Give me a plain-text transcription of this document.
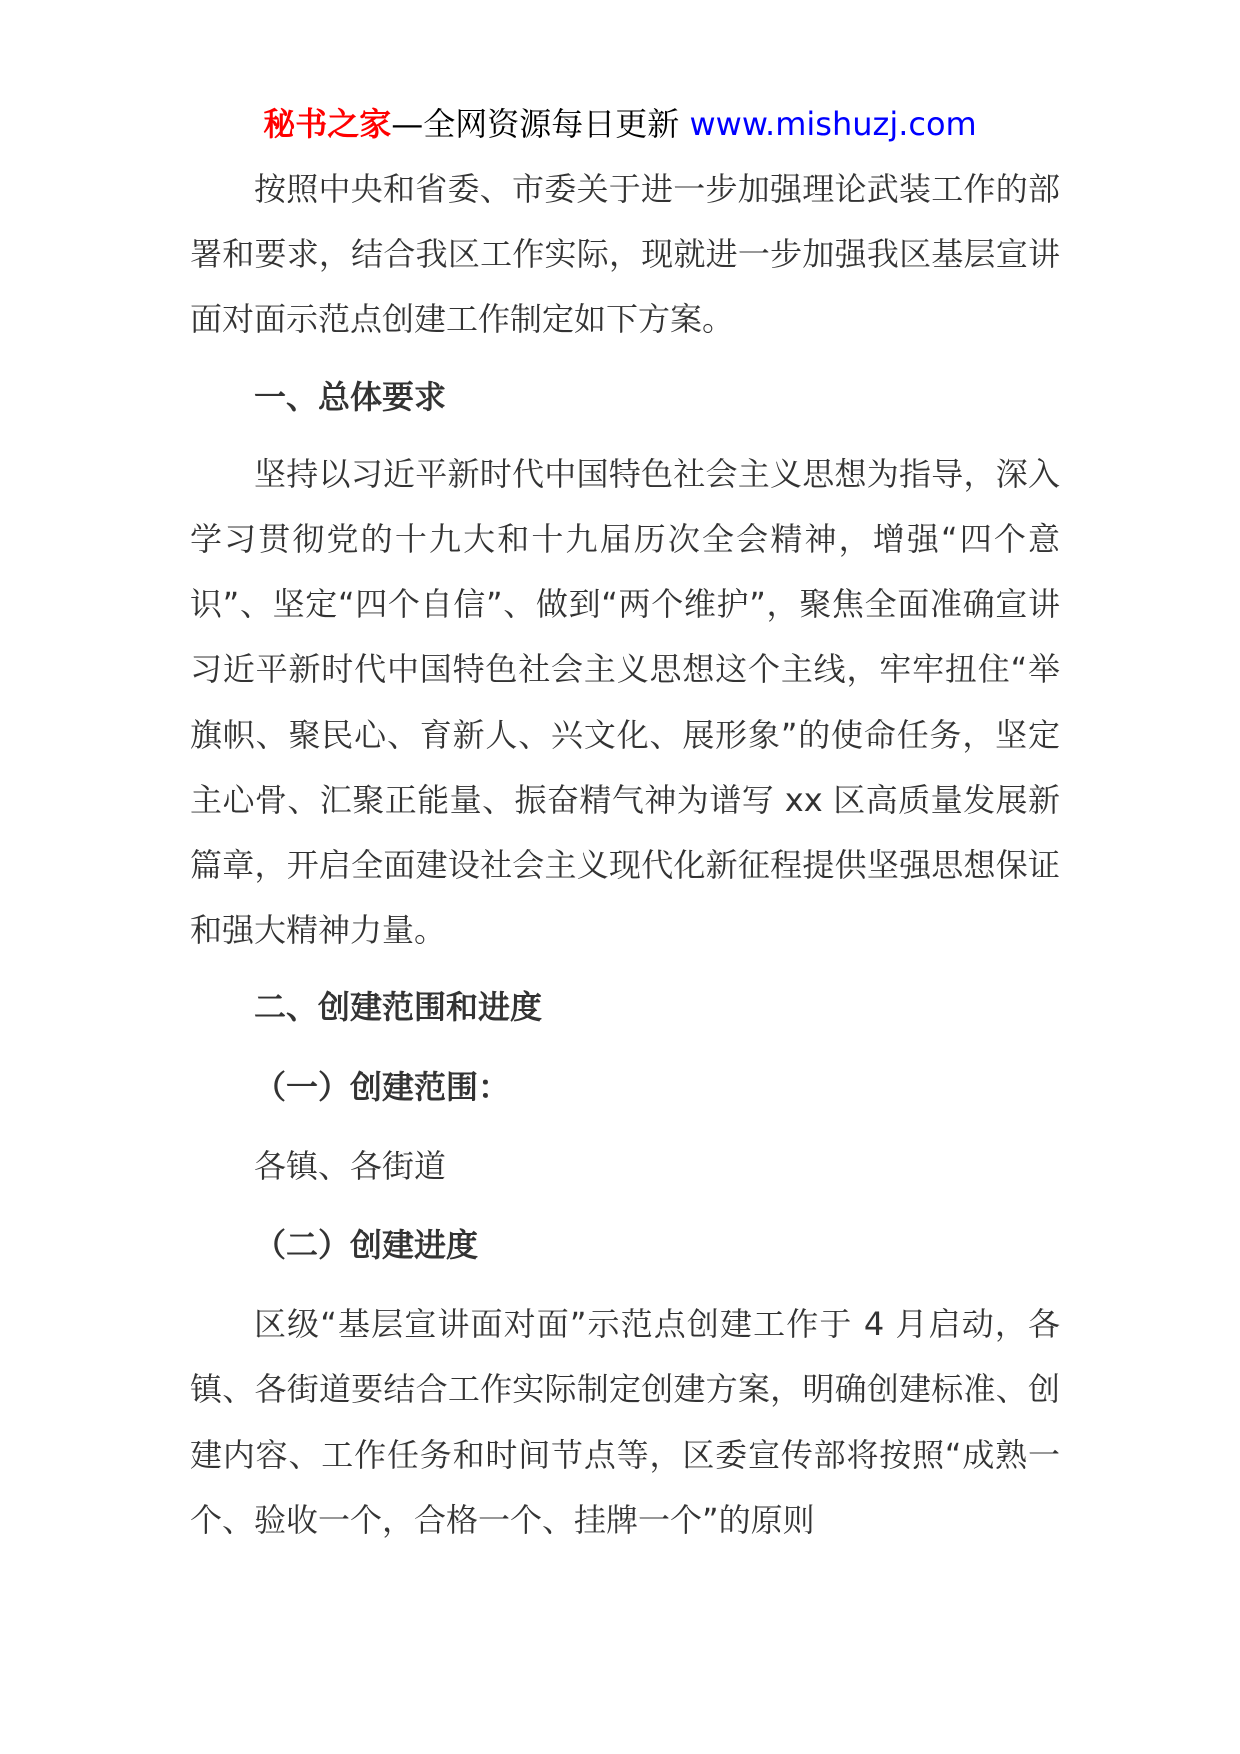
秘书之家—全网资源每日更新 www.mishuzj.com

按照中央和省委、市委关于进一步加强理论武装工作的部署和要求，结合我区工作实际，现就进一步加强我区基层宣讲面对面示范点创建工作制定如下方案。

一、总体要求

坚持以习近平新时代中国特色社会主义思想为指导，深入学习贯彻党的十九大和十九届历次全会精神，增强“四个意识”、坚定“四个自信”、做到“两个维护”，聚焦全面准确宣讲习近平新时代中国特色社会主义思想这个主线，牢牢扭住“举旗帜、聚民心、育新人、兴文化、展形象”的使命任务，坚定主心骨、汇聚正能量、振奋精气神为谱写 xx 区高质量发展新篇章，开启全面建设社会主义现代化新征程提供坚强思想保证和强大精神力量。

二、创建范围和进度

（一）创建范围：

各镇、各街道

（二）创建进度

区级“基层宣讲面对面”示范点创建工作于 4 月启动，各镇、各街道要结合工作实际制定创建方案，明确创建标准、创建内容、工作任务和时间节点等，区委宣传部将按照“成熟一个、验收一个，合格一个、挂牌一个”的原则
